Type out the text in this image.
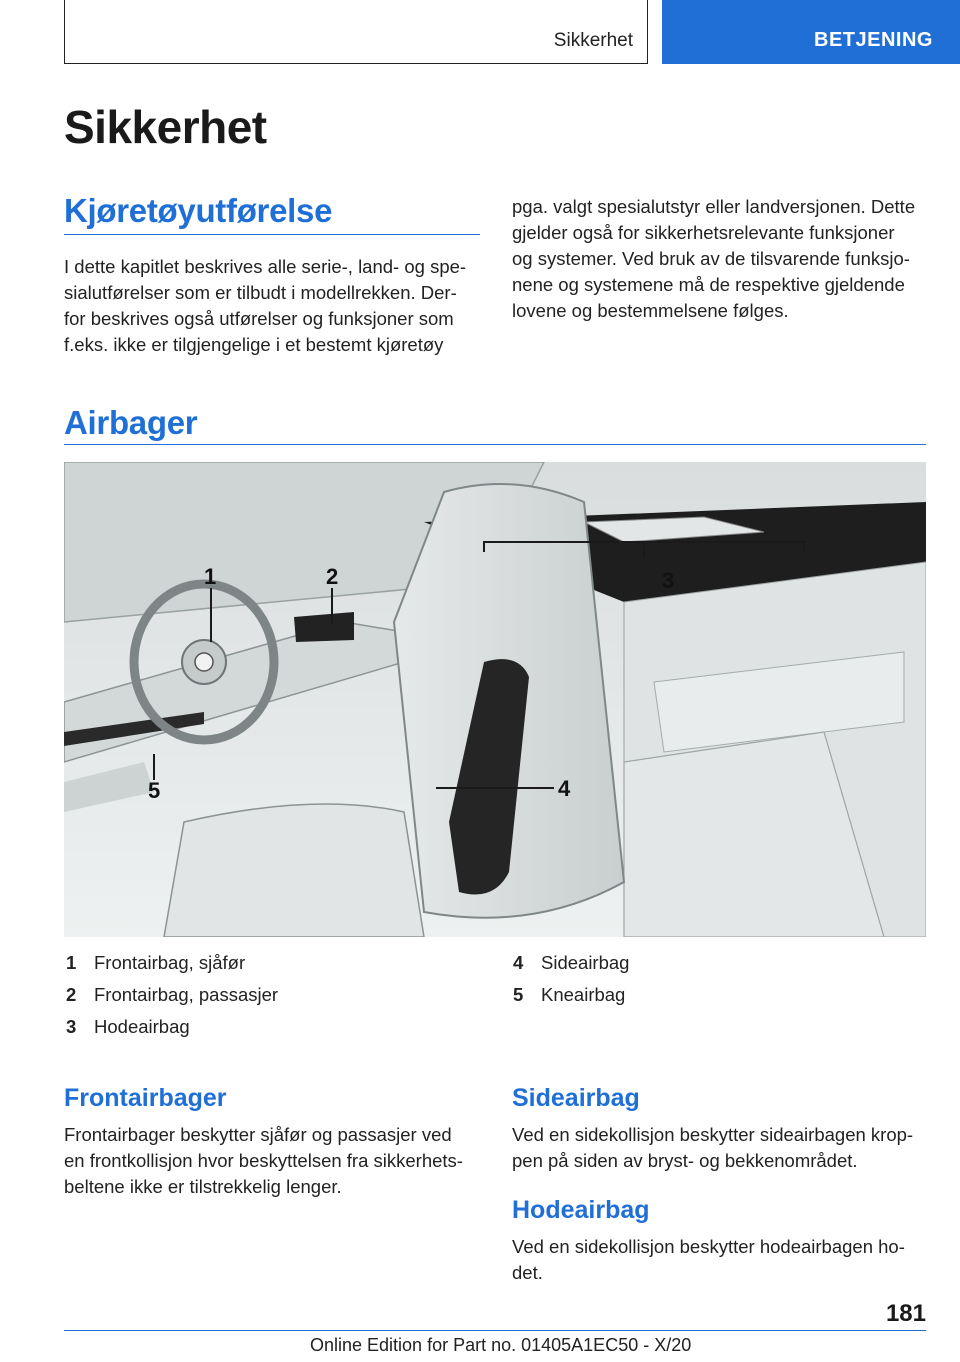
Sikkerhet	BETJENING
Sikkerhet
Kjøretøyutførelse
I dette kapitlet beskrives alle serie-, land- og spe-
sialutførelser som er tilbudt i modellrekken. Der-
for beskrives også utførelser og funksjoner som
f.eks. ikke er tilgjengelige i et bestemt kjøretøy
pga. valgt spesialutstyr eller landversjonen. Dette
gjelder også for sikkerhetsrelevante funksjoner
og systemer. Ved bruk av de tilsvarende funksjo-
nene og systemene må de respektive gjeldende
lovene og bestemmelsene følges.
Airbager
1	2	3
4
5
1 Frontairbag, sjåfør
2 Frontairbag, passasjer
3 Hodeairbag
4 Sideairbag
5 Kneairbag
Frontairbager
Frontairbager beskytter sjåfør og passasjer ved
en frontkollisjon hvor beskyttelsen fra sikkerhets-
beltene ikke er tilstrekkelig lenger.
Sideairbag
Ved en sidekollisjon beskytter sideairbagen krop-
pen på siden av bryst- og bekkenområdet.
Hodeairbag
Ved en sidekollisjon beskytter hodeairbagen ho-
det.
181
Online Edition for Part no. 01405A1EC50 - X/20
